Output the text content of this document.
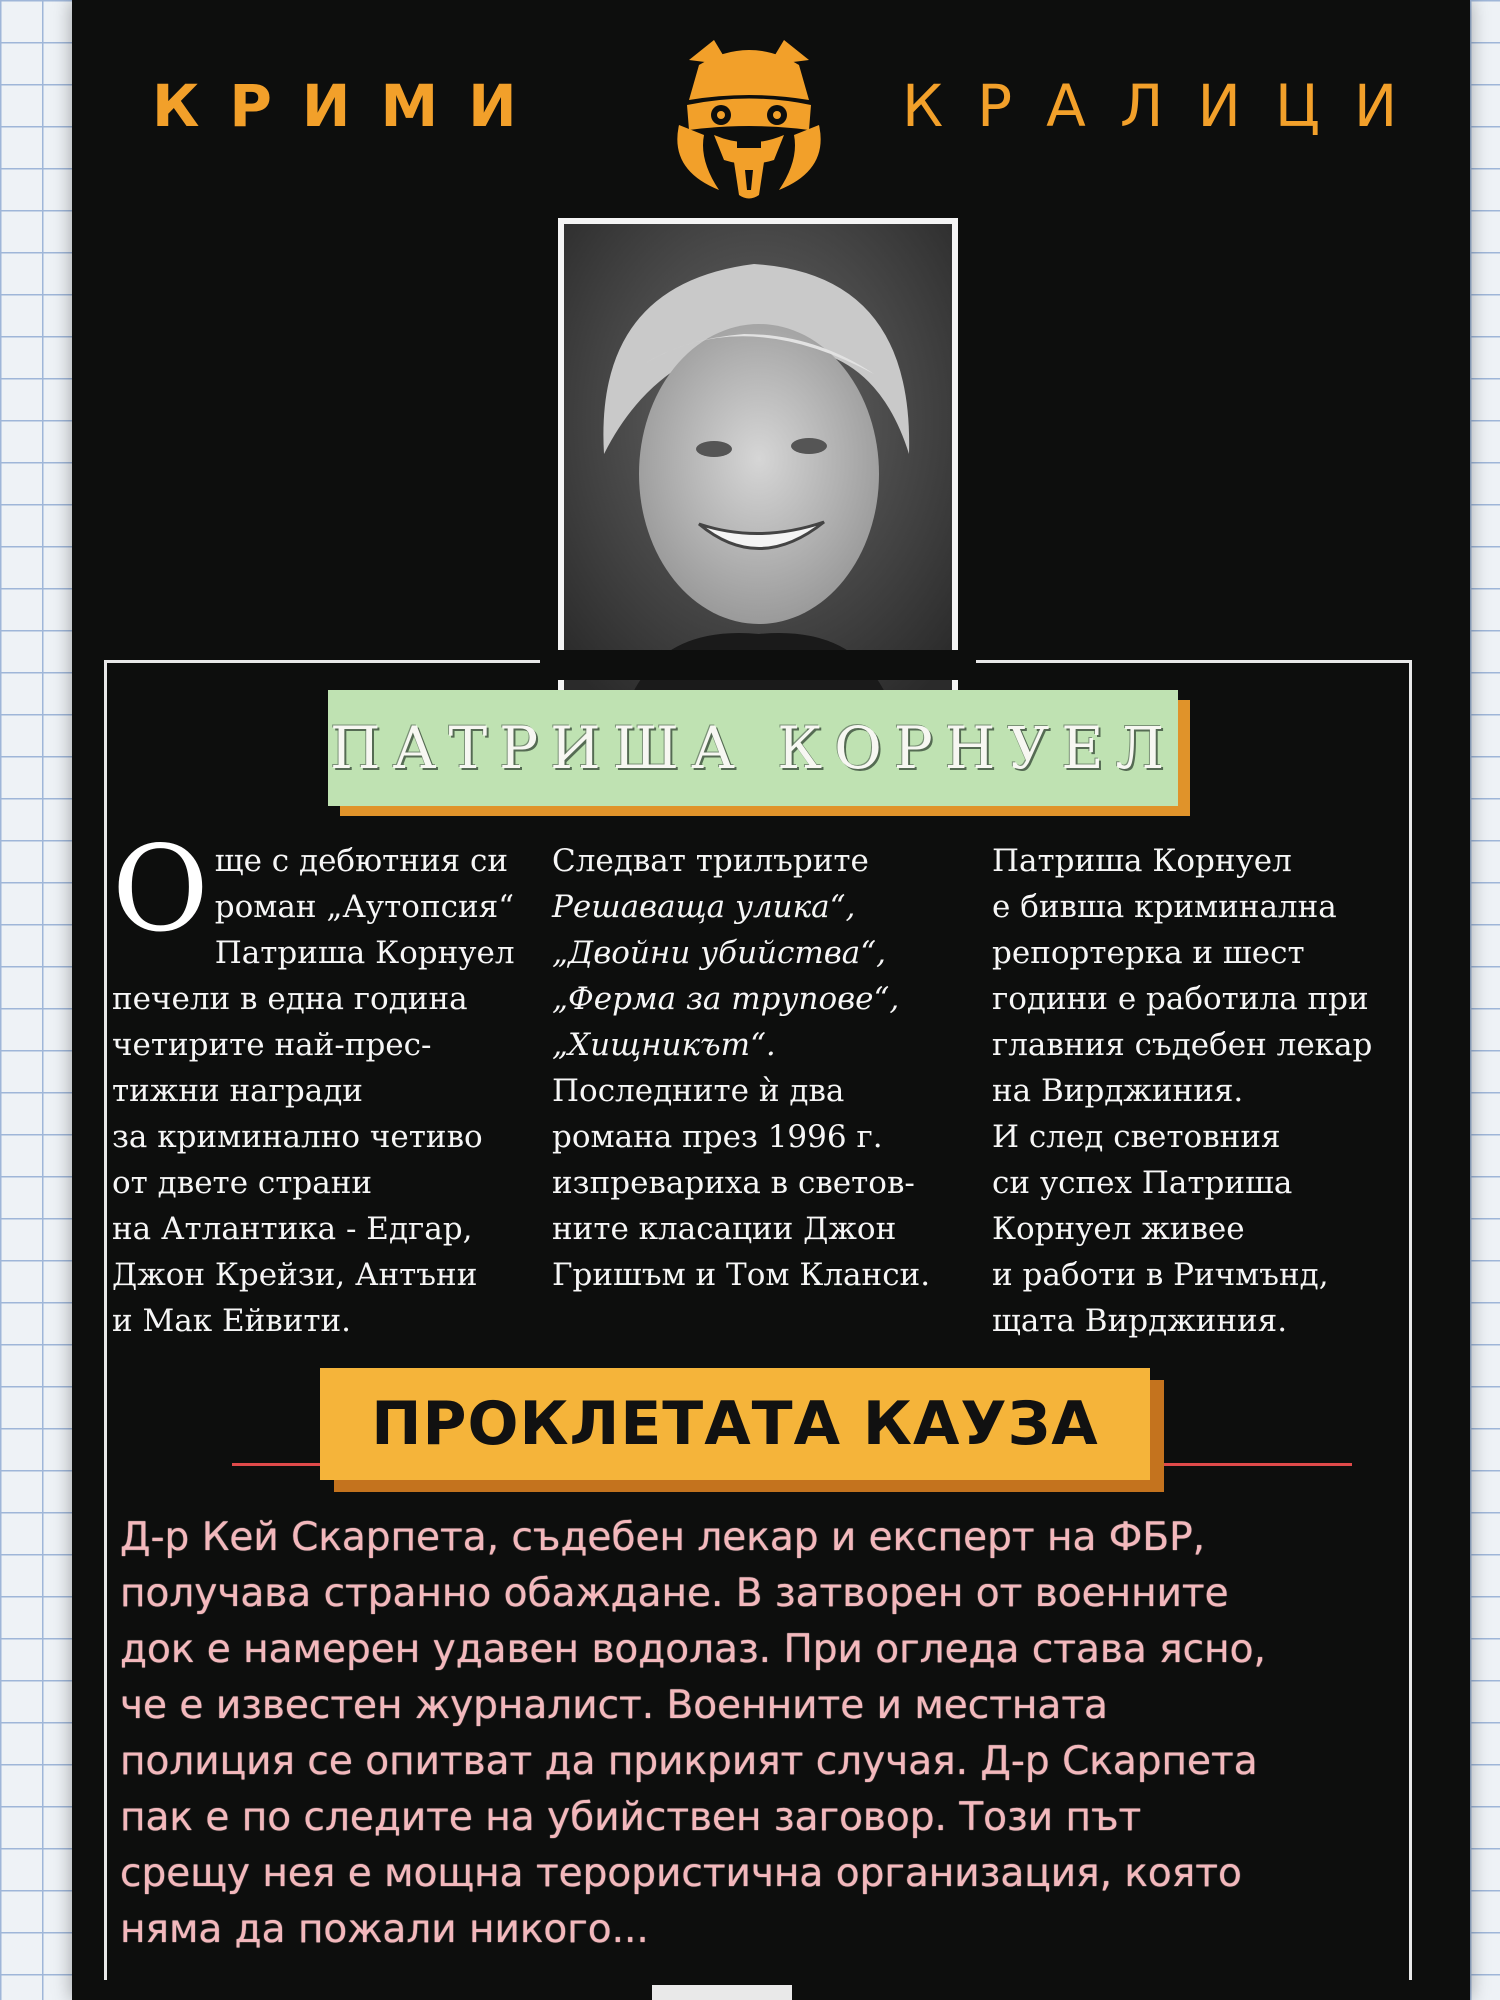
КРИМИ	КРАЛИЦИ
ПАТРИША КОРНУЕЛ
О ще с дебютния си

роман „Аутопсия“

Патриша Корнуел

печели в една година

четирите най-прес-

тижни награди

за криминално четиво

от двете страни

на Атлантика - Едгар,

Джон Крейзи, Антъни

и Мак Ейвити.

Следват трилърите

Решаваща улика“,

„Двойни убийства“,

„Ферма за трупове“,

„Хищникът“.

Последните ѝ два

романа през 1996 г.

изпревариха в светов-

ните класации Джон

Гришъм и Том Кланси.

Патриша Корнуел

е бивша криминална

репортерка и шест

години е работила при

главния съдебен лекар

на Вирджиния.

И след световния

си успех Патриша

Корнуел живее

и работи в Ричмънд,

щата Вирджиния.

ПРОКЛЕТАТА КАУЗА

Д-р Кей Скарпета, съдебен лекар и експерт на ФБР,

получава странно обаждане. В затворен от военните

док е намерен удавен водолаз. При огледа става ясно,

че е известен журналист. Военните и местната

полиция се опитват да прикрият случая. Д-р Скарпета

пак е по следите на убийствен заговор. Този път

срещу нея е мощна терористична организация, която

няма да пожали никого...
